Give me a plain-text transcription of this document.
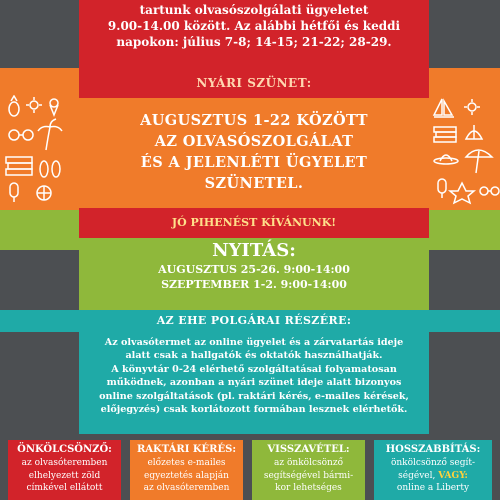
tartunk olvasószolgálati ügyeletet

9.00-14.00 között. Az alábbi hétfői és keddi

napokon: július 7-8; 14-15; 21-22; 28-29.

NYÁRI SZÜNET:

AUGUSZTUS 1-22 KÖZÖTT

AZ OLVASÓSZOLGÁLAT

ÉS A JELENLÉTI ÜGYELET

SZÜNETEL.

JÓ PIHENÉST KÍVÁNUNK!

NYITÁS:

AUGUSZTUS 25-26. 9:00-14:00

SZEPTEMBER 1-2. 9:00-14:00

AZ EHE POLGÁRAI RÉSZÉRE:

Az olvasótermet az online ügyelet és a zárvatartás ideje

alatt csak a hallgatók és oktatók használhatják.

A könyvtár 0-24 elérhető szolgáltatásai folyamatosan

működnek, azonban a nyári szünet ideje alatt bizonyos

online szolgáltatások (pl. raktári kérés, e-mailes kérések,

előjegyzés) csak korlátozott formában lesznek elérhetők.

ÖNKÖLCSÖNZŐ:

az olvasóteremben

elhelyezett zöld

címkével ellátott

RAKTÁRI KÉRÉS:

előzetes e-mailes

egyeztetés alapján

az olvasóteremben

VISSZAVÉTEL:

az önkölcsönző

segítségével bármi-

kor lehetséges

HOSSZABBÍTÁS:

önkölcsönző segít-

ségével, VAGY:

online a Liberty
